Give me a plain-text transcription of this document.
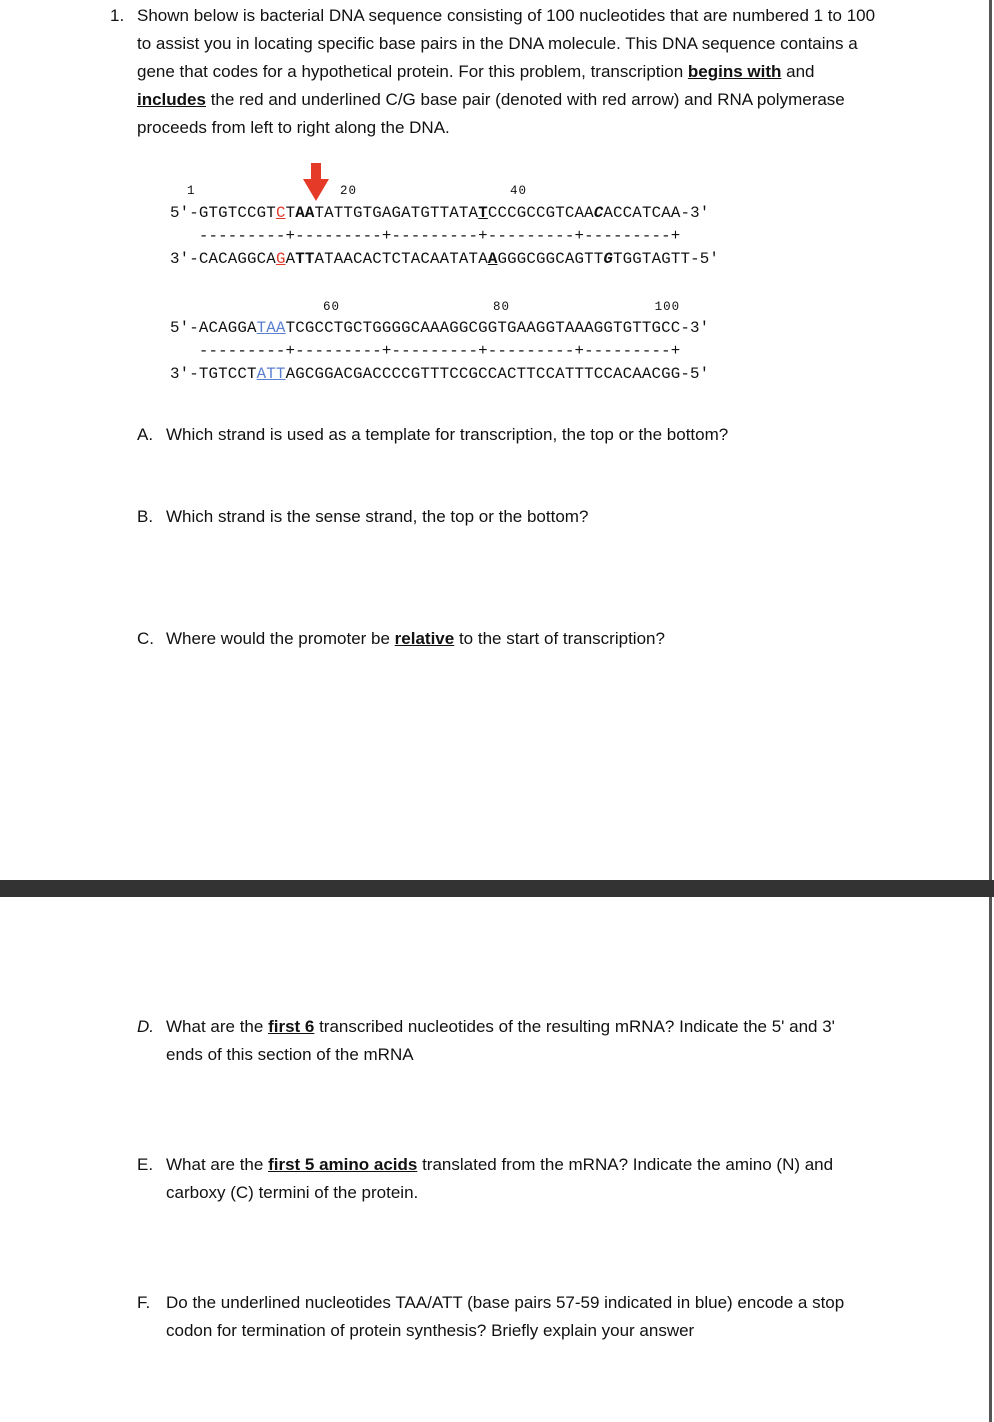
1. Shown below is bacterial DNA sequence consisting of 100 nucleotides that are numbered 1 to 100 to assist you in locating specific base pairs in the DNA molecule. This DNA sequence contains a gene that codes for a hypothetical protein. For this problem, transcription begins with and includes the red and underlined C/G base pair (denoted with red arrow) and RNA polymerase proceeds from left to right along the DNA.
1                 20                  40
5'-GTGTCCGTCTAATATTGTGAGATGTTATATCCCGCCGTCAACACCATCAA-3'
---------+---------+---------+---------+---------+
3'-CACAGGCAGATTATAACACTCTACAATATAAGGGCGGCAGTTGTGGTAGTT-5'
60                  80                 100
5'-ACAGGATAATCGCCTGCTGGGGCAAAGGCGGTGAAGGTAAAGGTGTTGCC-3'
---------+---------+---------+---------+---------+
3'-TGTCCTATTAGCGGACGACCCCGTTTCCGCCACTTCCATTTCCACAACGG-5'
A. Which strand is used as a template for transcription, the top or the bottom?
B. Which strand is the sense strand, the top or the bottom?
C. Where would the promoter be relative to the start of transcription?
D. What are the first 6 transcribed nucleotides of the resulting mRNA? Indicate the 5' and 3' ends of this section of the mRNA
E. What are the first 5 amino acids translated from the mRNA? Indicate the amino (N) and carboxy (C) termini of the protein.
F. Do the underlined nucleotides TAA/ATT (base pairs 57-59 indicated in blue) encode a stop codon for termination of protein synthesis? Briefly explain your answer
